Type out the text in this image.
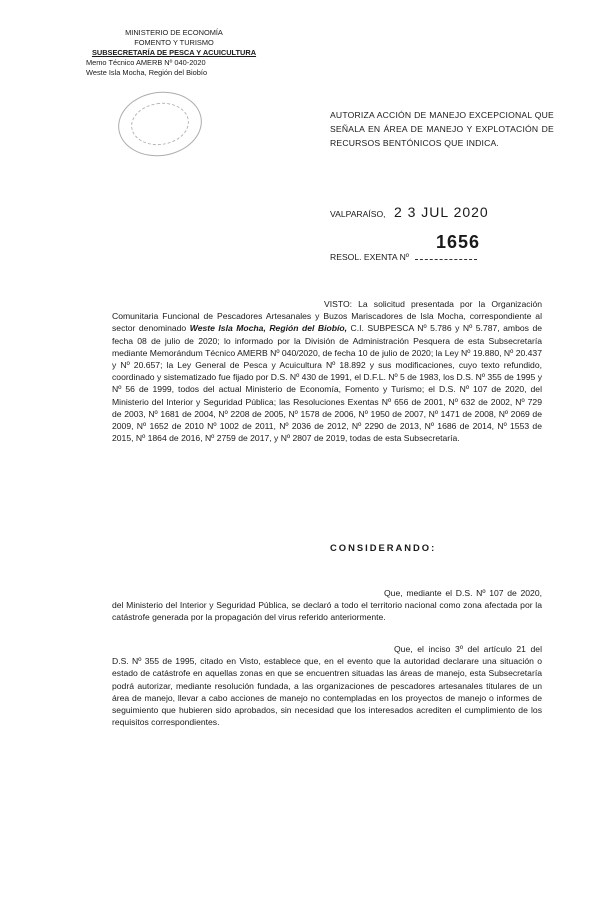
MINISTERIO DE ECONOMÍA
FOMENTO Y TURISMO
SUBSECRETARÍA DE PESCA Y ACUICULTURA
Memo Técnico AMERB Nº 040-2020
Weste Isla Mocha, Región del Biobío
AUTORIZA ACCIÓN DE MANEJO EXCEPCIONAL QUE SEÑALA EN ÁREA DE MANEJO Y EXPLOTACIÓN DE RECURSOS BENTÓNICOS QUE INDICA.
VALPARAÍSO, 2 3 JUL 2020
1656
RESOL. EXENTA Nº

VISTO: La solicitud presentada por la Organización Comunitaria Funcional de Pescadores Artesanales y Buzos Mariscadores de Isla Mocha, correspondiente al sector denominado Weste Isla Mocha, Región del Biobío, C.I. SUBPESCA Nº 5.786 y Nº 5.787, ambos de fecha 08 de julio de 2020; lo informado por la División de Administración Pesquera de esta Subsecretaría mediante Memorándum Técnico AMERB Nº 040/2020, de fecha 10 de julio de 2020; la Ley Nº 19.880, Nº 20.437 y Nº 20.657; la Ley General de Pesca y Acuicultura Nº 18.892 y sus modificaciones, cuyo texto refundido, coordinado y sistematizado fue fijado por D.S. Nº 430 de 1991, el D.F.L. Nº 5 de 1983, los D.S. Nº 355 de 1995 y Nº 56 de 1999, todos del actual Ministerio de Economía, Fomento y Turismo; el D.S. Nº 107 de 2020, del Ministerio del Interior y Seguridad Pública; las Resoluciones Exentas Nº 656 de 2001, Nº 632 de 2002, Nº 729 de 2003, Nº 1681 de 2004, Nº 2208 de 2005, Nº 1578 de 2006, Nº 1950 de 2007, Nº 1471 de 2008, Nº 2069 de 2009, Nº 1652 de 2010 Nº 1002 de 2011, Nº 2036 de 2012, Nº 2290 de 2013, Nº 1686 de 2014, Nº 1553 de 2015, Nº 1864 de 2016, Nº 2759 de 2017, y Nº 2807 de 2019, todas de esta Subsecretaría.

CONSIDERANDO:

Que, mediante el D.S. Nº 107 de 2020, del Ministerio del Interior y Seguridad Pública, se declaró a todo el territorio nacional como zona afectada por la catástrofe generada por la propagación del virus referido anteriormente.

Que, el inciso 3º del artículo 21 del D.S. Nº 355 de 1995, citado en Visto, establece que, en el evento que la autoridad declarare una situación o estado de catástrofe en aquellas zonas en que se encuentren situadas las áreas de manejo, esta Subsecretaría podrá autorizar, mediante resolución fundada, a las organizaciones de pescadores artesanales titulares de un área de manejo, llevar a cabo acciones de manejo no contempladas en los proyectos de manejo o informes de seguimiento que hubieren sido aprobados, sin necesidad que los interesados acrediten el cumplimiento de los requisitos correspondientes.
